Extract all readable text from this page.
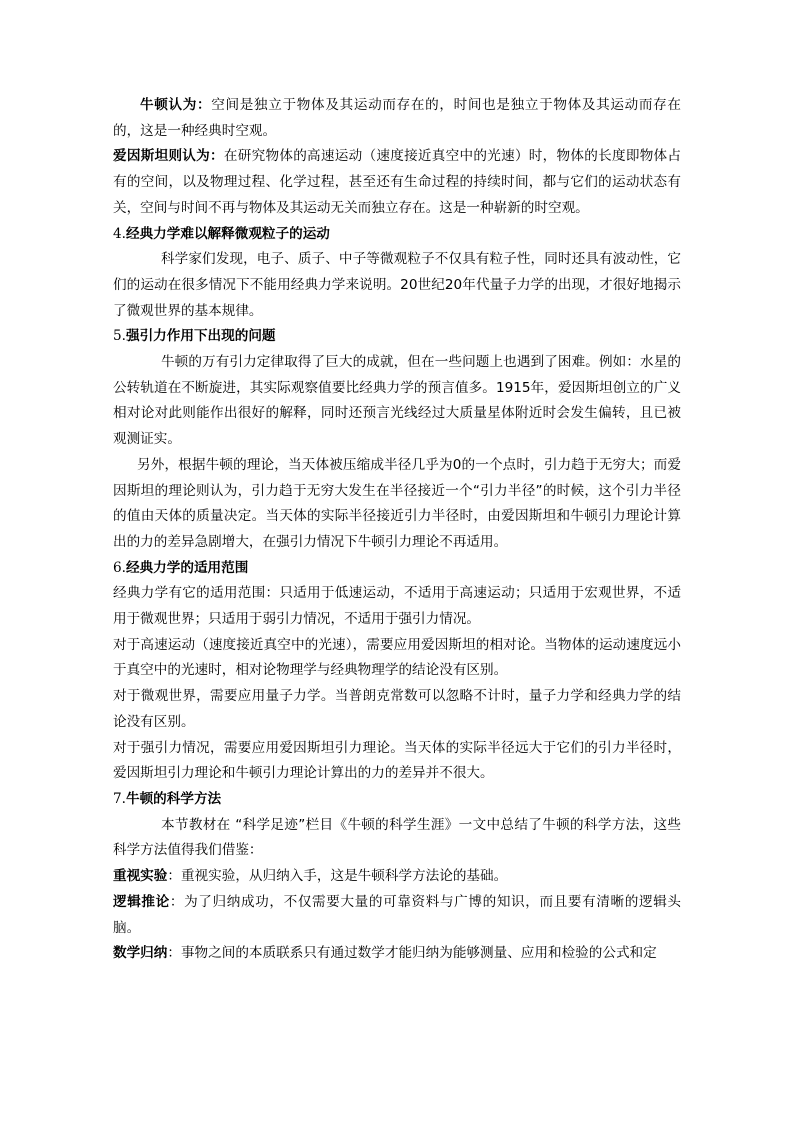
牛顿认为：空间是独立于物体及其运动而存在的，时间也是独立于物体及其运动而存在的，这是一种经典时空观。

爱因斯坦则认为：在研究物体的高速运动（速度接近真空中的光速）时，物体的长度即物体占有的空间，以及物理过程、化学过程，甚至还有生命过程的持续时间，都与它们的运动状态有关，空间与时间不再与物体及其运动无关而独立存在。这是一种崭新的时空观。

4.经典力学难以解释微观粒子的运动

科学家们发现，电子、质子、中子等微观粒子不仅具有粒子性，同时还具有波动性，它们的运动在很多情况下不能用经典力学来说明。20世纪20年代量子力学的出现，才很好地揭示了微观世界的基本规律。

5.强引力作用下出现的问题

牛顿的万有引力定律取得了巨大的成就，但在一些问题上也遇到了困难。例如：水星的公转轨道在不断旋进，其实际观察值要比经典力学的预言值多。1915年，爱因斯坦创立的广义相对论对此则能作出很好的解释，同时还预言光线经过大质量星体附近时会发生偏转，且已被观测证实。

另外，根据牛顿的理论，当天体被压缩成半径几乎为0的一个点时，引力趋于无穷大；而爱因斯坦的理论则认为，引力趋于无穷大发生在半径接近一个“引力半径”的时候，这个引力半径的值由天体的质量决定。当天体的实际半径接近引力半径时，由爱因斯坦和牛顿引力理论计算出的力的差异急剧增大，在强引力情况下牛顿引力理论不再适用。

6.经典力学的适用范围

经典力学有它的适用范围：只适用于低速运动，不适用于高速运动；只适用于宏观世界，不适用于微观世界；只适用于弱引力情况，不适用于强引力情况。

对于高速运动（速度接近真空中的光速），需要应用爱因斯坦的相对论。当物体的运动速度远小于真空中的光速时，相对论物理学与经典物理学的结论没有区别。

对于微观世界，需要应用量子力学。当普朗克常数可以忽略不计时，量子力学和经典力学的结论没有区别。

对于强引力情况，需要应用爱因斯坦引力理论。当天体的实际半径远大于它们的引力半径时，爱因斯坦引力理论和牛顿引力理论计算出的力的差异并不很大。

7.牛顿的科学方法

本节教材在 “科学足迹”栏目《牛顿的科学生涯》一文中总结了牛顿的科学方法，这些科学方法值得我们借鉴：

重视实验：重视实验，从归纳入手，这是牛顿科学方法论的基础。

逻辑推论：为了归纳成功，不仅需要大量的可靠资料与广博的知识，而且要有清晰的逻辑头脑。

数学归纳：事物之间的本质联系只有通过数学才能归纳为能够测量、应用和检验的公式和定
